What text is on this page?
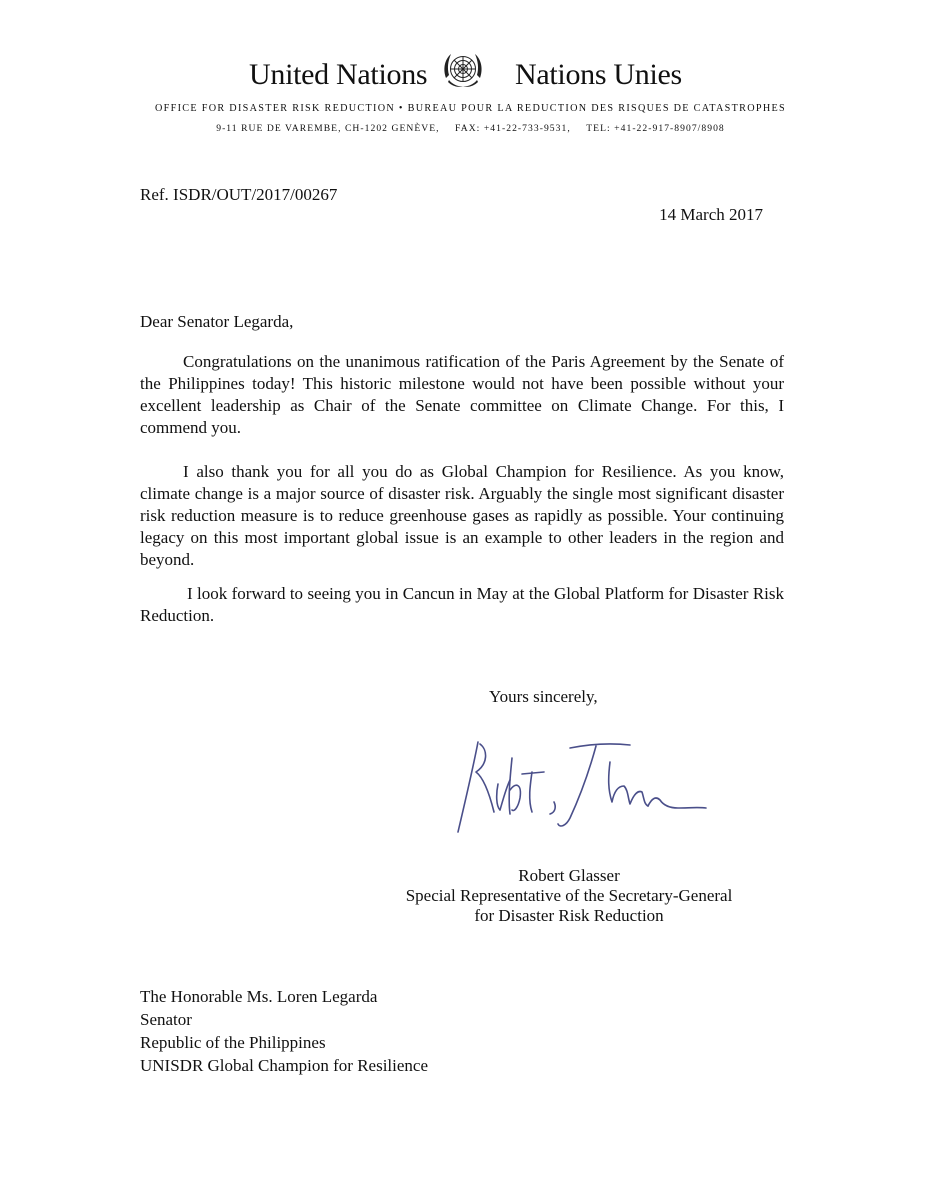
United Nations	Nations Unies
OFFICE FOR DISASTER RISK REDUCTION • BUREAU POUR LA REDUCTION DES RISQUES DE CATASTROPHES
9-11 RUE DE VAREMBE, CH-1202 GENÈVE, FAX: +41-22-733-9531, TEL: +41-22-917-8907/8908
Ref. ISDR/OUT/2017/00267
14 March 2017
Dear Senator Legarda,

Congratulations on the unanimous ratification of the Paris Agreement by the Senate of the Philippines today! This historic milestone would not have been possible without your excellent leadership as Chair of the Senate committee on Climate Change. For this, I commend you.

I also thank you for all you do as Global Champion for Resilience. As you know, climate change is a major source of disaster risk. Arguably the single most significant disaster risk reduction measure is to reduce greenhouse gases as rapidly as possible. Your continuing legacy on this most important global issue is an example to other leaders in the region and beyond.

I look forward to seeing you in Cancun in May at the Global Platform for Disaster Risk Reduction.

Yours sincerely,
Robert Glasser
Special Representative of the Secretary-General
for Disaster Risk Reduction
The Honorable Ms. Loren Legarda
Senator
Republic of the Philippines
UNISDR Global Champion for Resilience
